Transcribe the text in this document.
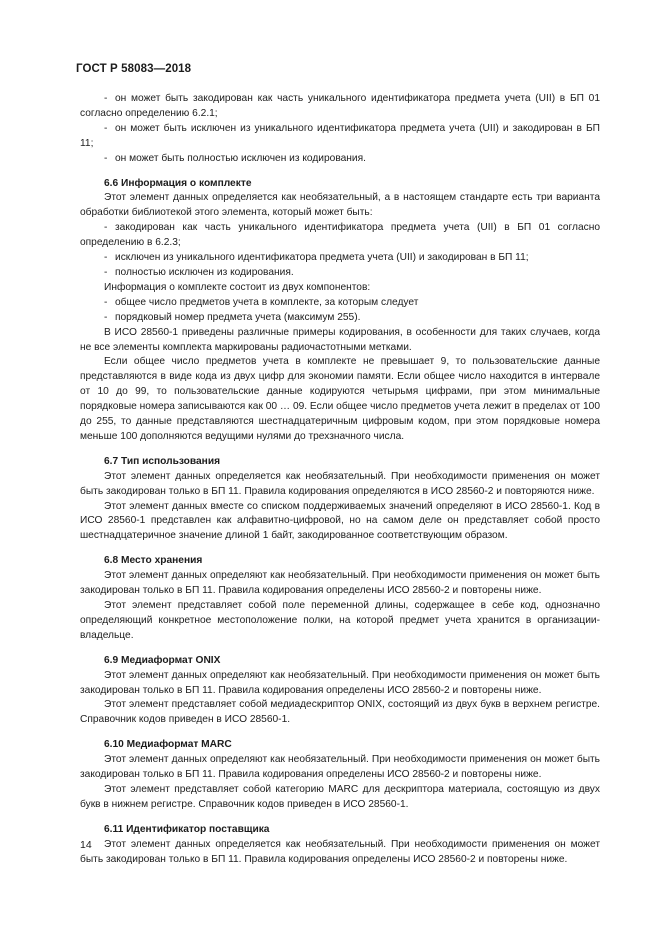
ГОСТ Р 58083—2018

- он может быть закодирован как часть уникального идентификатора предмета учета (UII) в БП 01 согласно определению 6.2.1;

- он может быть исключен из уникального идентификатора предмета учета (UII) и закодирован в БП 11;

- он может быть полностью исключен из кодирования.

6.6 Информация о комплекте

Этот элемент данных определяется как необязательный, а в настоящем стандарте есть три варианта обработки библиотекой этого элемента, который может быть:

- закодирован как часть уникального идентификатора предмета учета (UII) в БП 01 согласно определению в 6.2.3;

- исключен из уникального идентификатора предмета учета (UII) и закодирован в БП 11;

- полностью исключен из кодирования.

Информация о комплекте состоит из двух компонентов:

- общее число предметов учета в комплекте, за которым следует

- порядковый номер предмета учета (максимум 255).

В ИСО 28560-1 приведены различные примеры кодирования, в особенности для таких случаев, когда не все элементы комплекта маркированы радиочастотными метками.

Если общее число предметов учета в комплекте не превышает 9, то пользовательские данные представляются в виде кода из двух цифр для экономии памяти. Если общее число находится в интервале от 10 до 99, то пользовательские данные кодируются четырьмя цифрами, при этом минимальные порядковые номера записываются как 00 … 09. Если общее число предметов учета лежит в пределах от 100 до 255, то данные представляются шестнадцатеричным цифровым кодом, при этом порядковые номера меньше 100 дополняются ведущими нулями до трехзначного числа.

6.7 Тип использования

Этот элемент данных определяется как необязательный. При необходимости применения он может быть закодирован только в БП 11. Правила кодирования определяются в ИСО 28560-2 и повторяются ниже.

Этот элемент данных вместе со списком поддерживаемых значений определяют в ИСО 28560-1. Код в ИСО 28560-1 представлен как алфавитно-цифровой, но на самом деле он представляет собой просто шестнадцатеричное значение длиной 1 байт, закодированное соответствующим образом.

6.8 Место хранения

Этот элемент данных определяют как необязательный. При необходимости применения он может быть закодирован только в БП 11. Правила кодирования определены ИСО 28560-2 и повторены ниже.

Этот элемент представляет собой поле переменной длины, содержащее в себе код, однозначно определяющий конкретное местоположение полки, на которой предмет учета хранится в организации-владельце.

6.9 Медиаформат ONIX

Этот элемент данных определяют как необязательный. При необходимости применения он может быть закодирован только в БП 11. Правила кодирования определены ИСО 28560-2 и повторены ниже.

Этот элемент представляет собой медиадескриптор ONIX, состоящий из двух букв в верхнем регистре. Справочник кодов приведен в ИСО 28560-1.

6.10 Медиаформат MARC

Этот элемент данных определяют как необязательный. При необходимости применения он может быть закодирован только в БП 11. Правила кодирования определены ИСО 28560-2 и повторены ниже.

Этот элемент представляет собой категорию MARC для дескриптора материала, состоящую из двух букв в нижнем регистре. Справочник кодов приведен в ИСО 28560-1.

6.11 Идентификатор поставщика

Этот элемент данных определяется как необязательный. При необходимости применения он может быть закодирован только в БП 11. Правила кодирования определены ИСО 28560-2 и повторены ниже.

14
